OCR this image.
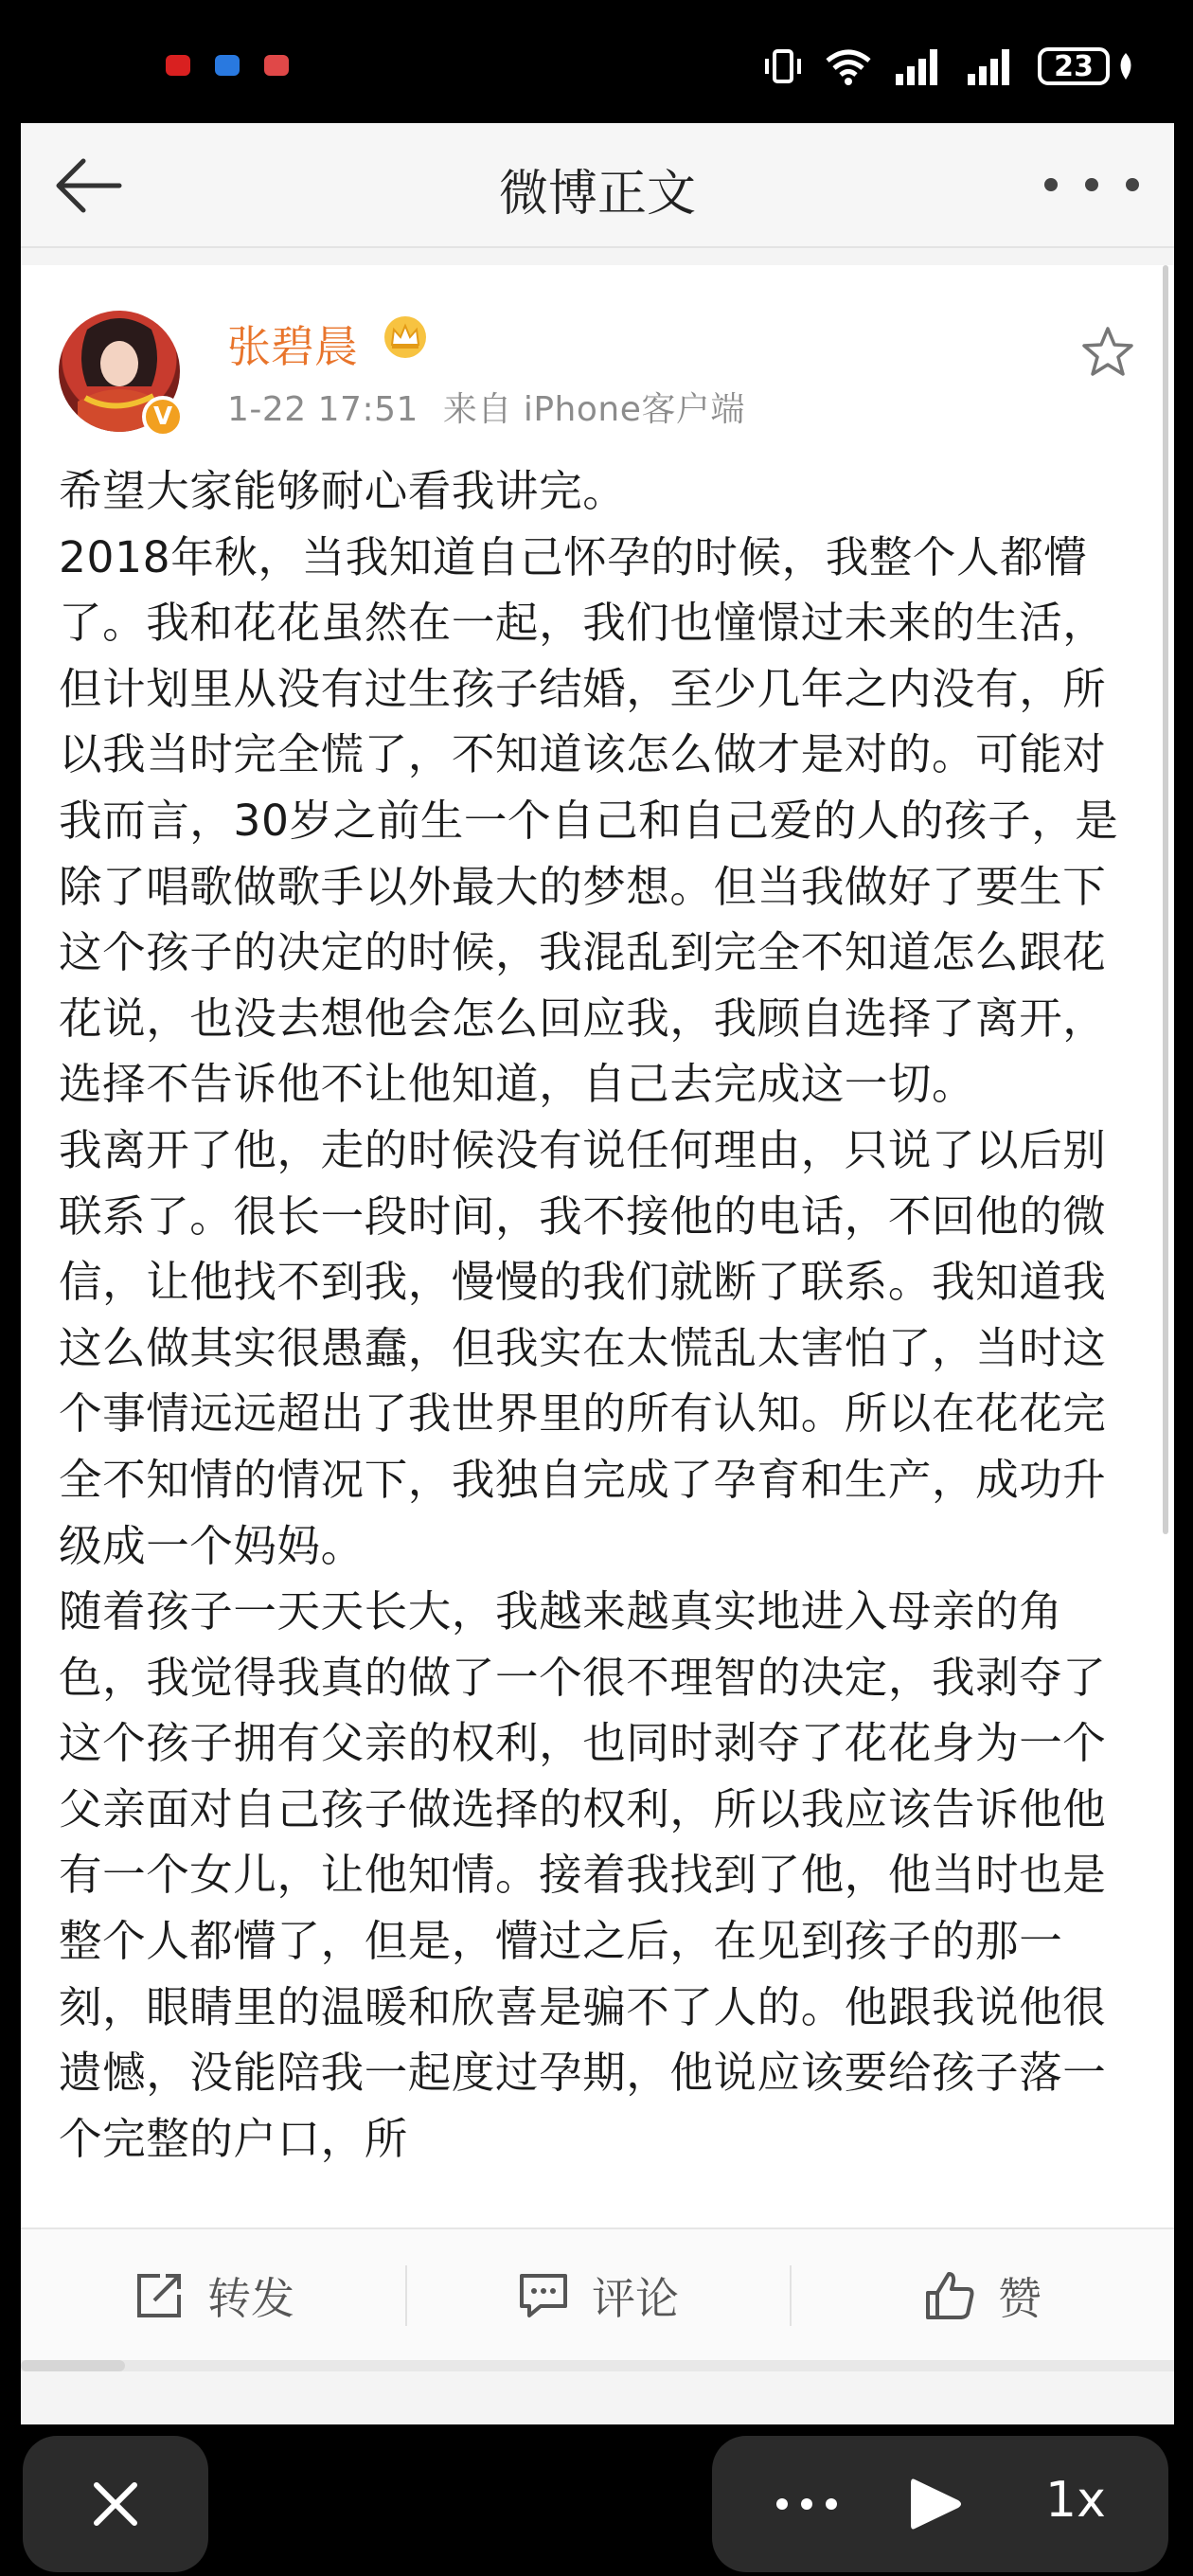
23
微博正文
V
张碧晨
1-22 17:51 来自 iPhone客户端
希望大家能够耐心看我讲完。
2018年秋，当我知道自己怀孕的时候，我整个人都懵了。我和花花虽然在一起，我们也憧憬过未来的生活，但计划里从没有过生孩子结婚，至少几年之内没有，所以我当时完全慌了，不知道该怎么做才是对的。可能对我而言，30岁之前生一个自己和自己爱的人的孩子，是除了唱歌做歌手以外最大的梦想。但当我做好了要生下这个孩子的决定的时候，我混乱到完全不知道怎么跟花花说，也没去想他会怎么回应我，我顾自选择了离开，选择不告诉他不让他知道，自己去完成这一切。
我离开了他，走的时候没有说任何理由，只说了以后别联系了。很长一段时间，我不接他的电话，不回他的微信，让他找不到我，慢慢的我们就断了联系。我知道我这么做其实很愚蠢，但我实在太慌乱太害怕了，当时这个事情远远超出了我世界里的所有认知。所以在花花完全不知情的情况下，我独自完成了孕育和生产，成功升级成一个妈妈。
随着孩子一天天长大，我越来越真实地进入母亲的角色，我觉得我真的做了一个很不理智的决定，我剥夺了这个孩子拥有父亲的权利，也同时剥夺了花花身为一个父亲面对自己孩子做选择的权利，所以我应该告诉他他有一个女儿，让他知情。接着我找到了他，他当时也是整个人都懵了，但是，懵过之后，在见到孩子的那一刻，眼睛里的温暖和欣喜是骗不了人的。他跟我说他很遗憾，没能陪我一起度过孕期，他说应该要给孩子落一个完整的户口，所
转发	评论	赞
1x
